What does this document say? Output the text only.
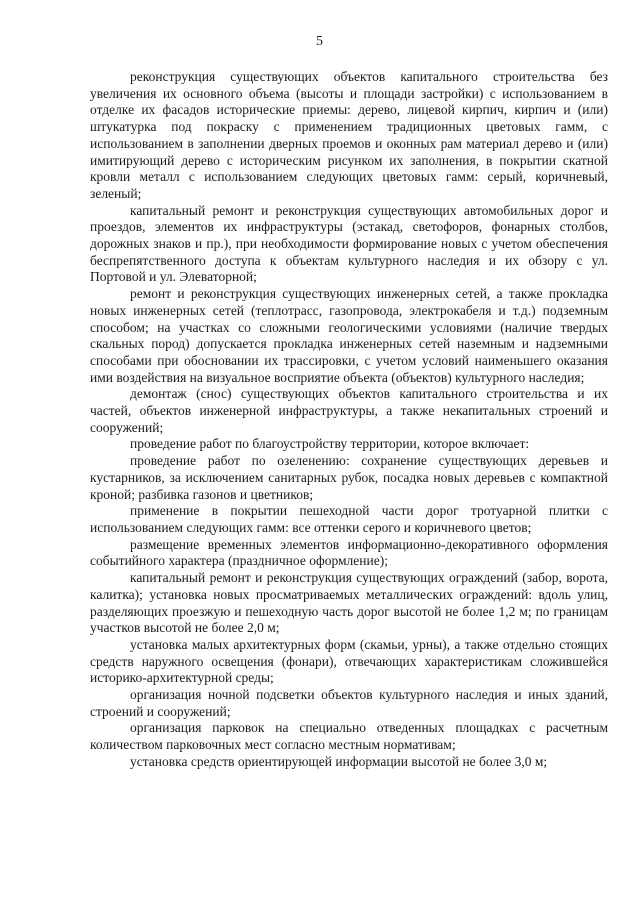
5

реконструкция существующих объектов капитального строительства без увеличения их основного объема (высоты и площади застройки) с использованием в отделке их фасадов исторические приемы: дерево, лицевой кирпич, кирпич и (или) штукатурка под покраску с применением традиционных цветовых гамм, с использованием в заполнении дверных проемов и оконных рам материал дерево и (или) имитирующий дерево с историческим рисунком их заполнения, в покрытии скатной кровли металл с использованием следующих цветовых гамм: серый, коричневый, зеленый;

капитальный ремонт и реконструкция существующих автомобильных дорог и проездов, элементов их инфраструктуры (эстакад, светофоров, фонарных столбов, дорожных знаков и пр.), при необходимости формирование новых с учетом обеспечения беспрепятственного доступа к объектам культурного наследия и их обзору с ул. Портовой и ул. Элеваторной;

ремонт и реконструкция существующих инженерных сетей, а также прокладка новых инженерных сетей (теплотрасс, газопровода, электрокабеля и т.д.) подземным способом; на участках со сложными геологическими условиями (наличие твердых скальных пород) допускается прокладка инженерных сетей наземным и надземными способами при обосновании их трассировки, с учетом условий наименьшего оказания ими воздействия на визуальное восприятие объекта (объектов) культурного наследия;

демонтаж (снос) существующих объектов капитального строительства и их частей, объектов инженерной инфраструктуры, а также некапитальных строений и сооружений;

проведение работ по благоустройству территории, которое включает:

проведение работ по озеленению: сохранение существующих деревьев и кустарников, за исключением санитарных рубок, посадка новых деревьев с компактной кроной; разбивка газонов и цветников;

применение в покрытии пешеходной части дорог тротуарной плитки с использованием следующих гамм: все оттенки серого и коричневого цветов;

размещение временных элементов информационно-декоративного оформления событийного характера (праздничное оформление);

капитальный ремонт и реконструкция существующих ограждений (забор, ворота, калитка); установка новых просматриваемых металлических ограждений: вдоль улиц, разделяющих проезжую и пешеходную часть дорог высотой не более 1,2 м; по границам участков высотой не более 2,0 м;

установка малых архитектурных форм (скамьи, урны), а также отдельно стоящих средств наружного освещения (фонари), отвечающих характеристикам сложившейся историко-архитектурной среды;

организация ночной подсветки объектов культурного наследия и иных зданий, строений и сооружений;

организация парковок на специально отведенных площадках с расчетным количеством парковочных мест согласно местным нормативам;

установка средств ориентирующей информации высотой не более 3,0 м;
